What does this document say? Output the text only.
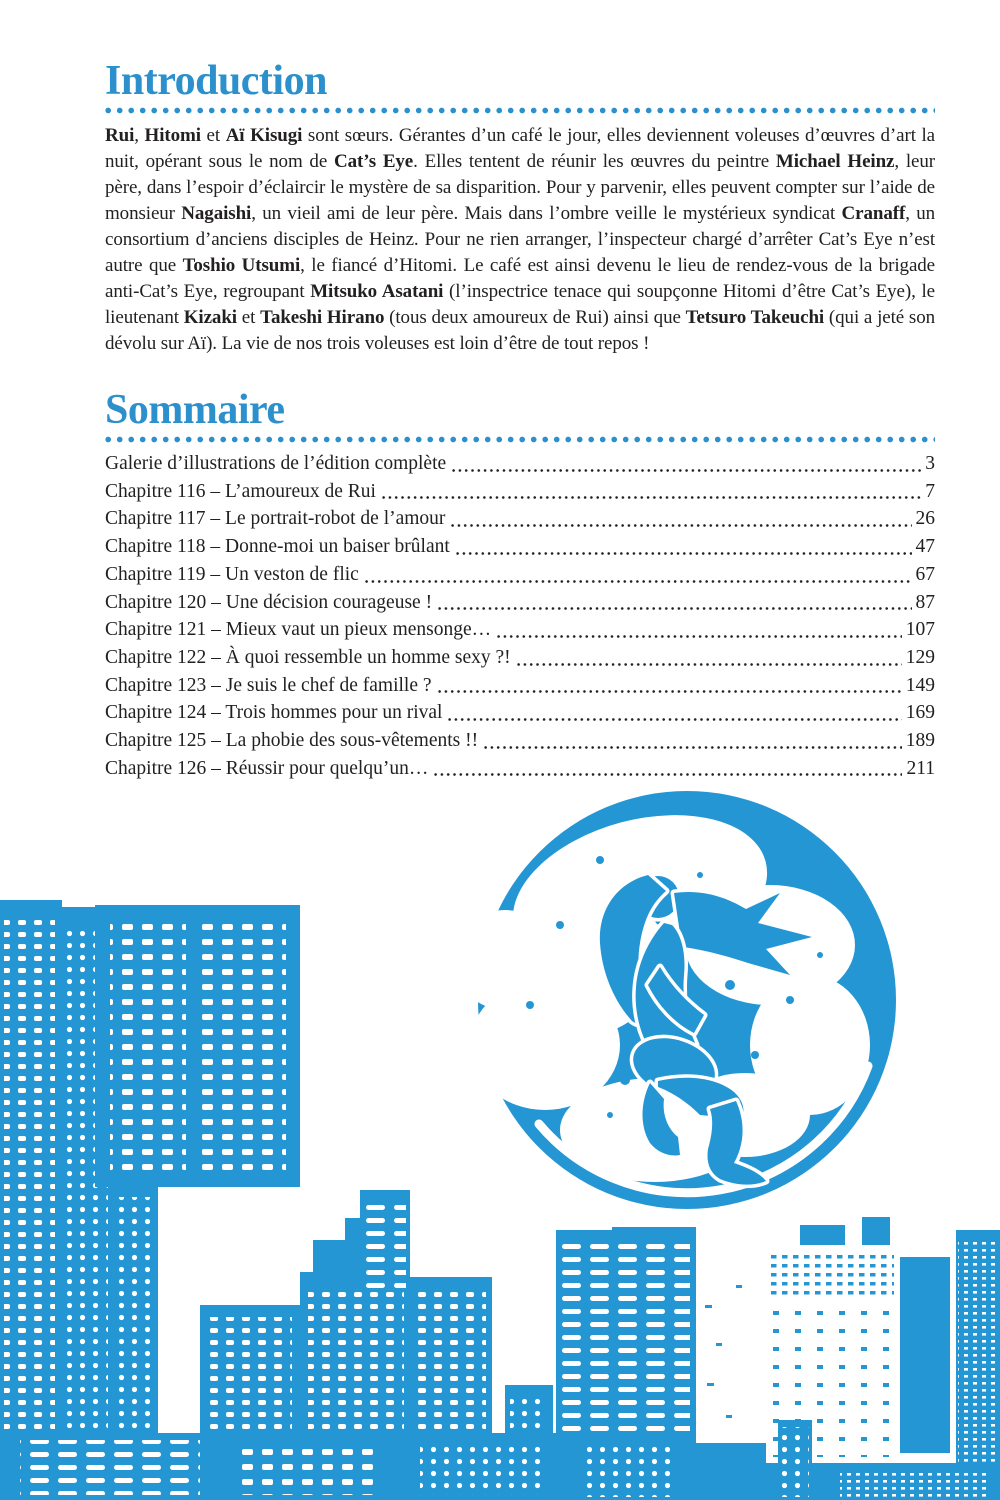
Introduction

Rui, Hitomi et Aï Kisugi sont sœurs. Gérantes d’un café le jour, elles deviennent voleuses d’œuvres d’art la nuit, opérant sous le nom de Cat’s Eye. Elles tentent de réunir les œuvres du peintre Michael Heinz, leur père, dans l’espoir d’éclaircir le mystère de sa disparition. Pour y parvenir, elles peuvent compter sur l’aide de monsieur Nagaishi, un vieil ami de leur père. Mais dans l’ombre veille le mystérieux syndicat Cranaff, un consortium d’anciens disciples de Heinz. Pour ne rien arranger, l’inspecteur chargé d’arrêter Cat’s Eye n’est autre que Toshio Utsumi, le fiancé d’Hitomi. Le café est ainsi devenu le lieu de rendez-vous de la brigade anti-Cat’s Eye, regroupant Mitsuko Asatani (l’inspectrice tenace qui soupçonne Hitomi d’être Cat’s Eye), le lieutenant Kizaki et Takeshi Hirano (tous deux amoureux de Rui) ainsi que Tetsuro Takeuchi (qui a jeté son dévolu sur Aï). La vie de nos trois voleuses est loin d’être de tout repos !

Sommaire
Galerie d’illustrations de l’édition complète	3
Chapitre 116 – L’amoureux de Rui	7
Chapitre 117 – Le portrait-robot de l’amour	26
Chapitre 118 – Donne-moi un baiser brûlant	47
Chapitre 119 – Un veston de flic	67
Chapitre 120 – Une décision courageuse !	87
Chapitre 121 – Mieux vaut un pieux mensonge…	107
Chapitre 122 – À quoi ressemble un homme sexy ?!	129
Chapitre 123 – Je suis le chef de famille ?	149
Chapitre 124 – Trois hommes pour un rival	169
Chapitre 125 – La phobie des sous-vêtements !!	189
Chapitre 126 – Réussir pour quelqu’un…	211
